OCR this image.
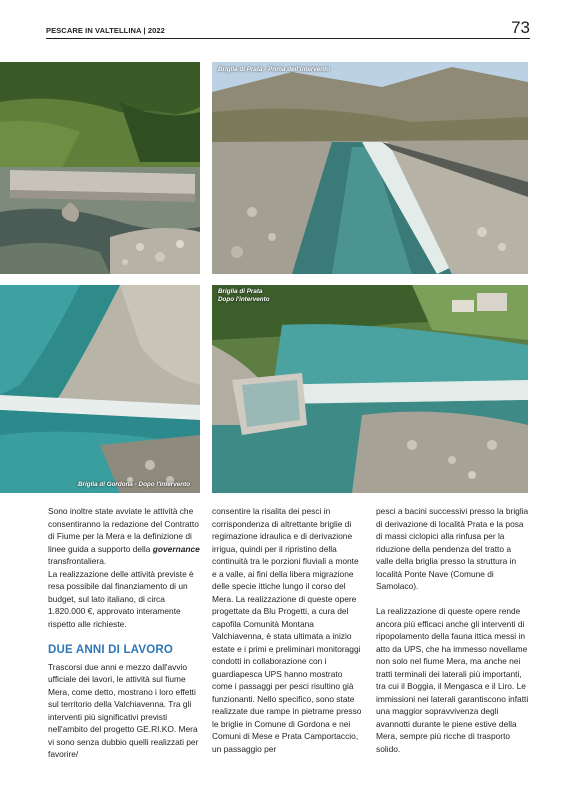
PESCARE IN VALTELLINA | 2022	73
Briglia di Prata - Prima dell'intervento
Briglia di Gordona - Dopo l'intervento
Briglia di Prata
Dopo l'intervento

Sono inoltre state avviate le attività che consentiranno la redazione del Contratto di Fiume per la Mera e la definizione di linee guida a supporto della governance transfrontaliera.
La realizzazione delle attività previste è resa possibile dal finanziamento di un budget, sul lato italiano, di circa 1.820.000 €, approvato interamente rispetto alle richieste.

DUE ANNI DI LAVORO

Trascorsi due anni e mezzo dall'avvio ufficiale dei lavori, le attività sul fiume Mera, come detto, mostrano i loro effetti sul territorio della Valchiavenna. Tra gli interventi più significativi previsti nell'ambito del progetto GE.RI.KO. Mera vi sono senza dubbio quelli realizzati per favorire/

consentire la risalita dei pesci in corrispondenza di altrettante briglie di regimazione idraulica e di derivazione irrigua, quindi per il ripristino della continuità tra le porzioni fluviali a monte e a valle, ai fini della libera migrazione delle specie ittiche lungo il corso del Mera. La realizzazione di queste opere progettate da Blu Progetti, a cura del capofila Comunità Montana Valchiavenna, è stata ultimata a inizio estate e i primi e preliminari monitoraggi condotti in collaborazione con i guardiapesca UPS hanno mostrato come i passaggi per pesci risultino già funzionanti. Nello specifico, sono state realizzate due rampe in pietrame presso le briglie in Comune di Gordona e nei Comuni di Mese e Prata Camportaccio, un passaggio per

pesci a bacini successivi presso la briglia di derivazione di località Prata e la posa di massi ciclopici alla rinfusa per la riduzione della pendenza del tratto a valle della briglia presso la struttura in località Ponte Nave (Comune di Samolaco).

La realizzazione di queste opere rende ancora più efficaci anche gli interventi di ripopolamento della fauna ittica messi in atto da UPS, che ha immesso novellame non solo nel fiume Mera, ma anche nei tratti terminali dei laterali più importanti, tra cui il Boggia, il Mengasca e il Liro. Le immissioni nei laterali garantiscono infatti una maggior sopravvivenza degli avannotti durante le piene estive della Mera, sempre più ricche di trasporto solido.
